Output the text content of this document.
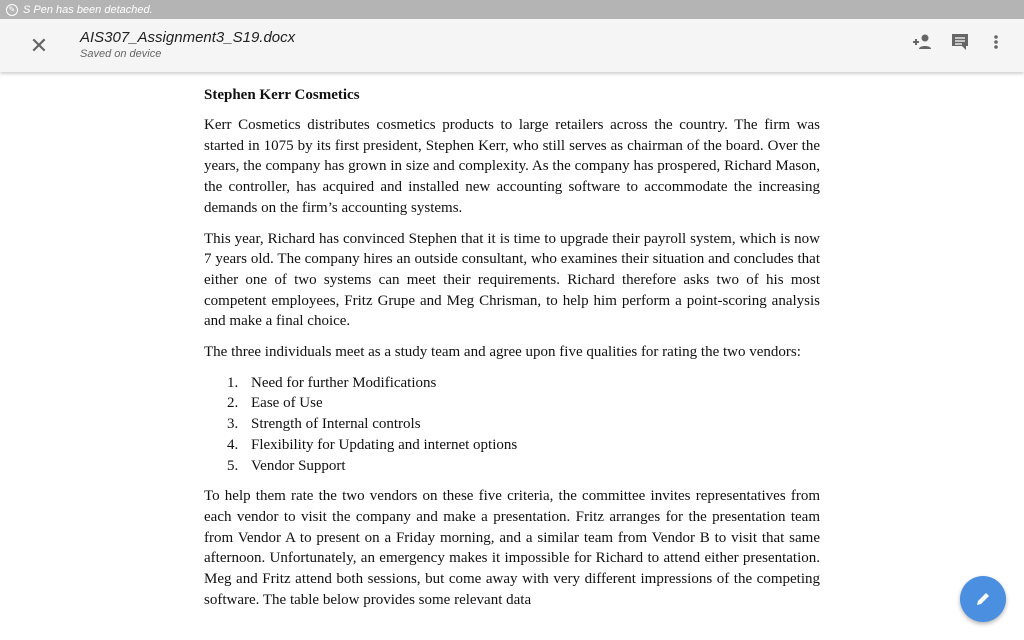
✎ S Pen has been detached.
✕ AIS307_Assignment3_S19.docx
Saved on device
Stephen Kerr Cosmetics

Kerr Cosmetics distributes cosmetics products to large retailers across the country. The firm was started in 1075 by its first president, Stephen Kerr, who still serves as chairman of the board. Over the years, the company has grown in size and complexity. As the company has prospered, Richard Mason, the controller, has acquired and installed new accounting software to accommodate the increasing demands on the firm’s accounting systems.

This year, Richard has convinced Stephen that it is time to upgrade their payroll system, which is now 7 years old. The company hires an outside consultant, who examines their situation and concludes that either one of two systems can meet their requirements. Richard therefore asks two of his most competent employees, Fritz Grupe and Meg Chrisman, to help him perform a point-scoring analysis and make a final choice.

The three individuals meet as a study team and agree upon five qualities for rating the two vendors:

1. Need for further Modifications
2. Ease of Use
3. Strength of Internal controls
4. Flexibility for Updating and internet options
5. Vendor Support

To help them rate the two vendors on these five criteria, the committee invites representatives from each vendor to visit the company and make a presentation. Fritz arranges for the presentation team from Vendor A to present on a Friday morning, and a similar team from Vendor B to visit that same afternoon. Unfortunately, an emergency makes it impossible for Richard to attend either presentation. Meg and Fritz attend both sessions, but come away with very different impressions of the competing software. The table below provides some relevant data
